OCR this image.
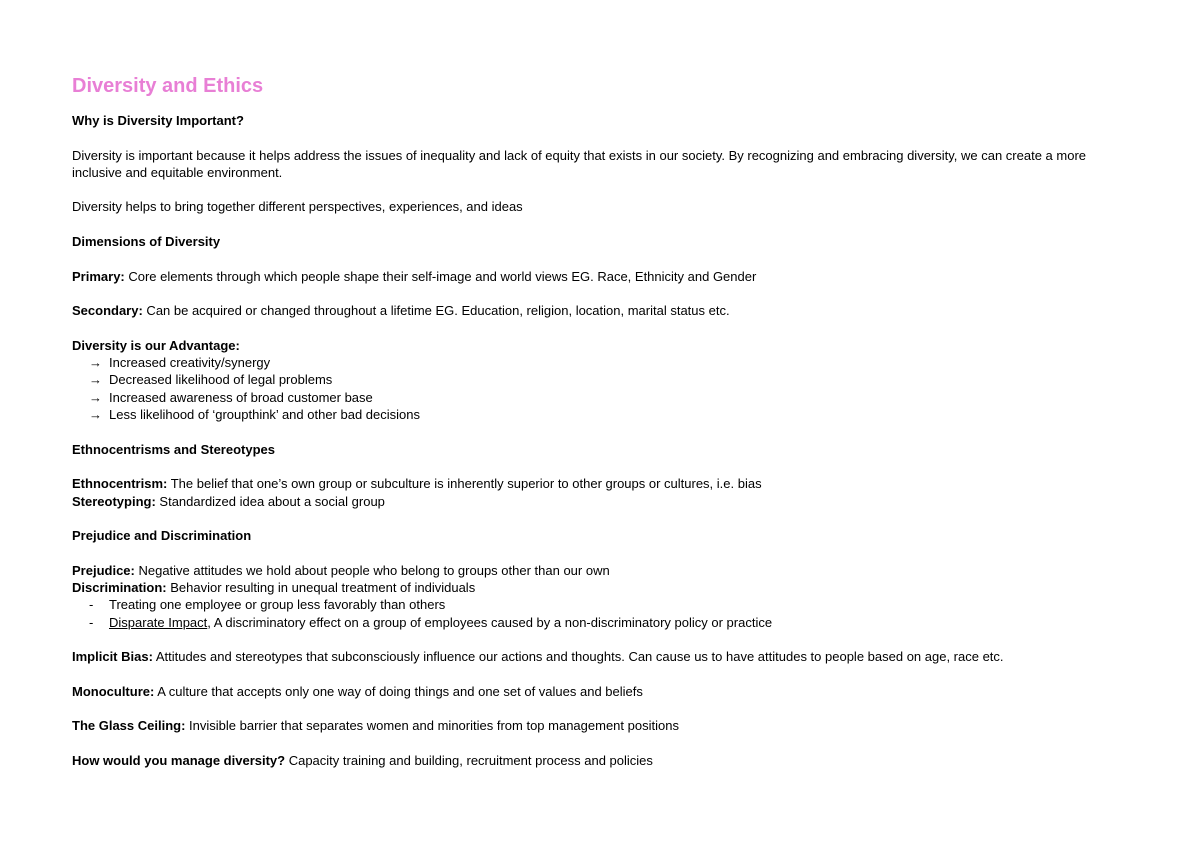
Diversity and Ethics

Why is Diversity Important?

Diversity is important because it helps address the issues of inequality and lack of equity that exists in our society. By recognizing and embracing diversity, we can create a more inclusive and equitable environment.

Diversity helps to bring together different perspectives, experiences, and ideas

Dimensions of Diversity

Primary: Core elements through which people shape their self-image and world views EG. Race, Ethnicity and Gender

Secondary: Can be acquired or changed throughout a lifetime EG. Education, religion, location, marital status etc.

Diversity is our Advantage:

→ Increased creativity/synergy
→ Decreased likelihood of legal problems
→ Increased awareness of broad customer base
→ Less likelihood of ‘groupthink’ and other bad decisions

Ethnocentrisms and Stereotypes

Ethnocentrism: The belief that one’s own group or subculture is inherently superior to other groups or cultures, i.e. bias

Stereotyping: Standardized idea about a social group

Prejudice and Discrimination

Prejudice: Negative attitudes we hold about people who belong to groups other than our own

Discrimination: Behavior resulting in unequal treatment of individuals

-	Treating one employee or group less favorably than others
-	Disparate Impact, A discriminatory effect on a group of employees caused by a non-discriminatory policy or practice

Implicit Bias: Attitudes and stereotypes that subconsciously influence our actions and thoughts. Can cause us to have attitudes to people based on age, race etc.

Monoculture: A culture that accepts only one way of doing things and one set of values and beliefs

The Glass Ceiling: Invisible barrier that separates women and minorities from top management positions

How would you manage diversity? Capacity training and building, recruitment process and policies
